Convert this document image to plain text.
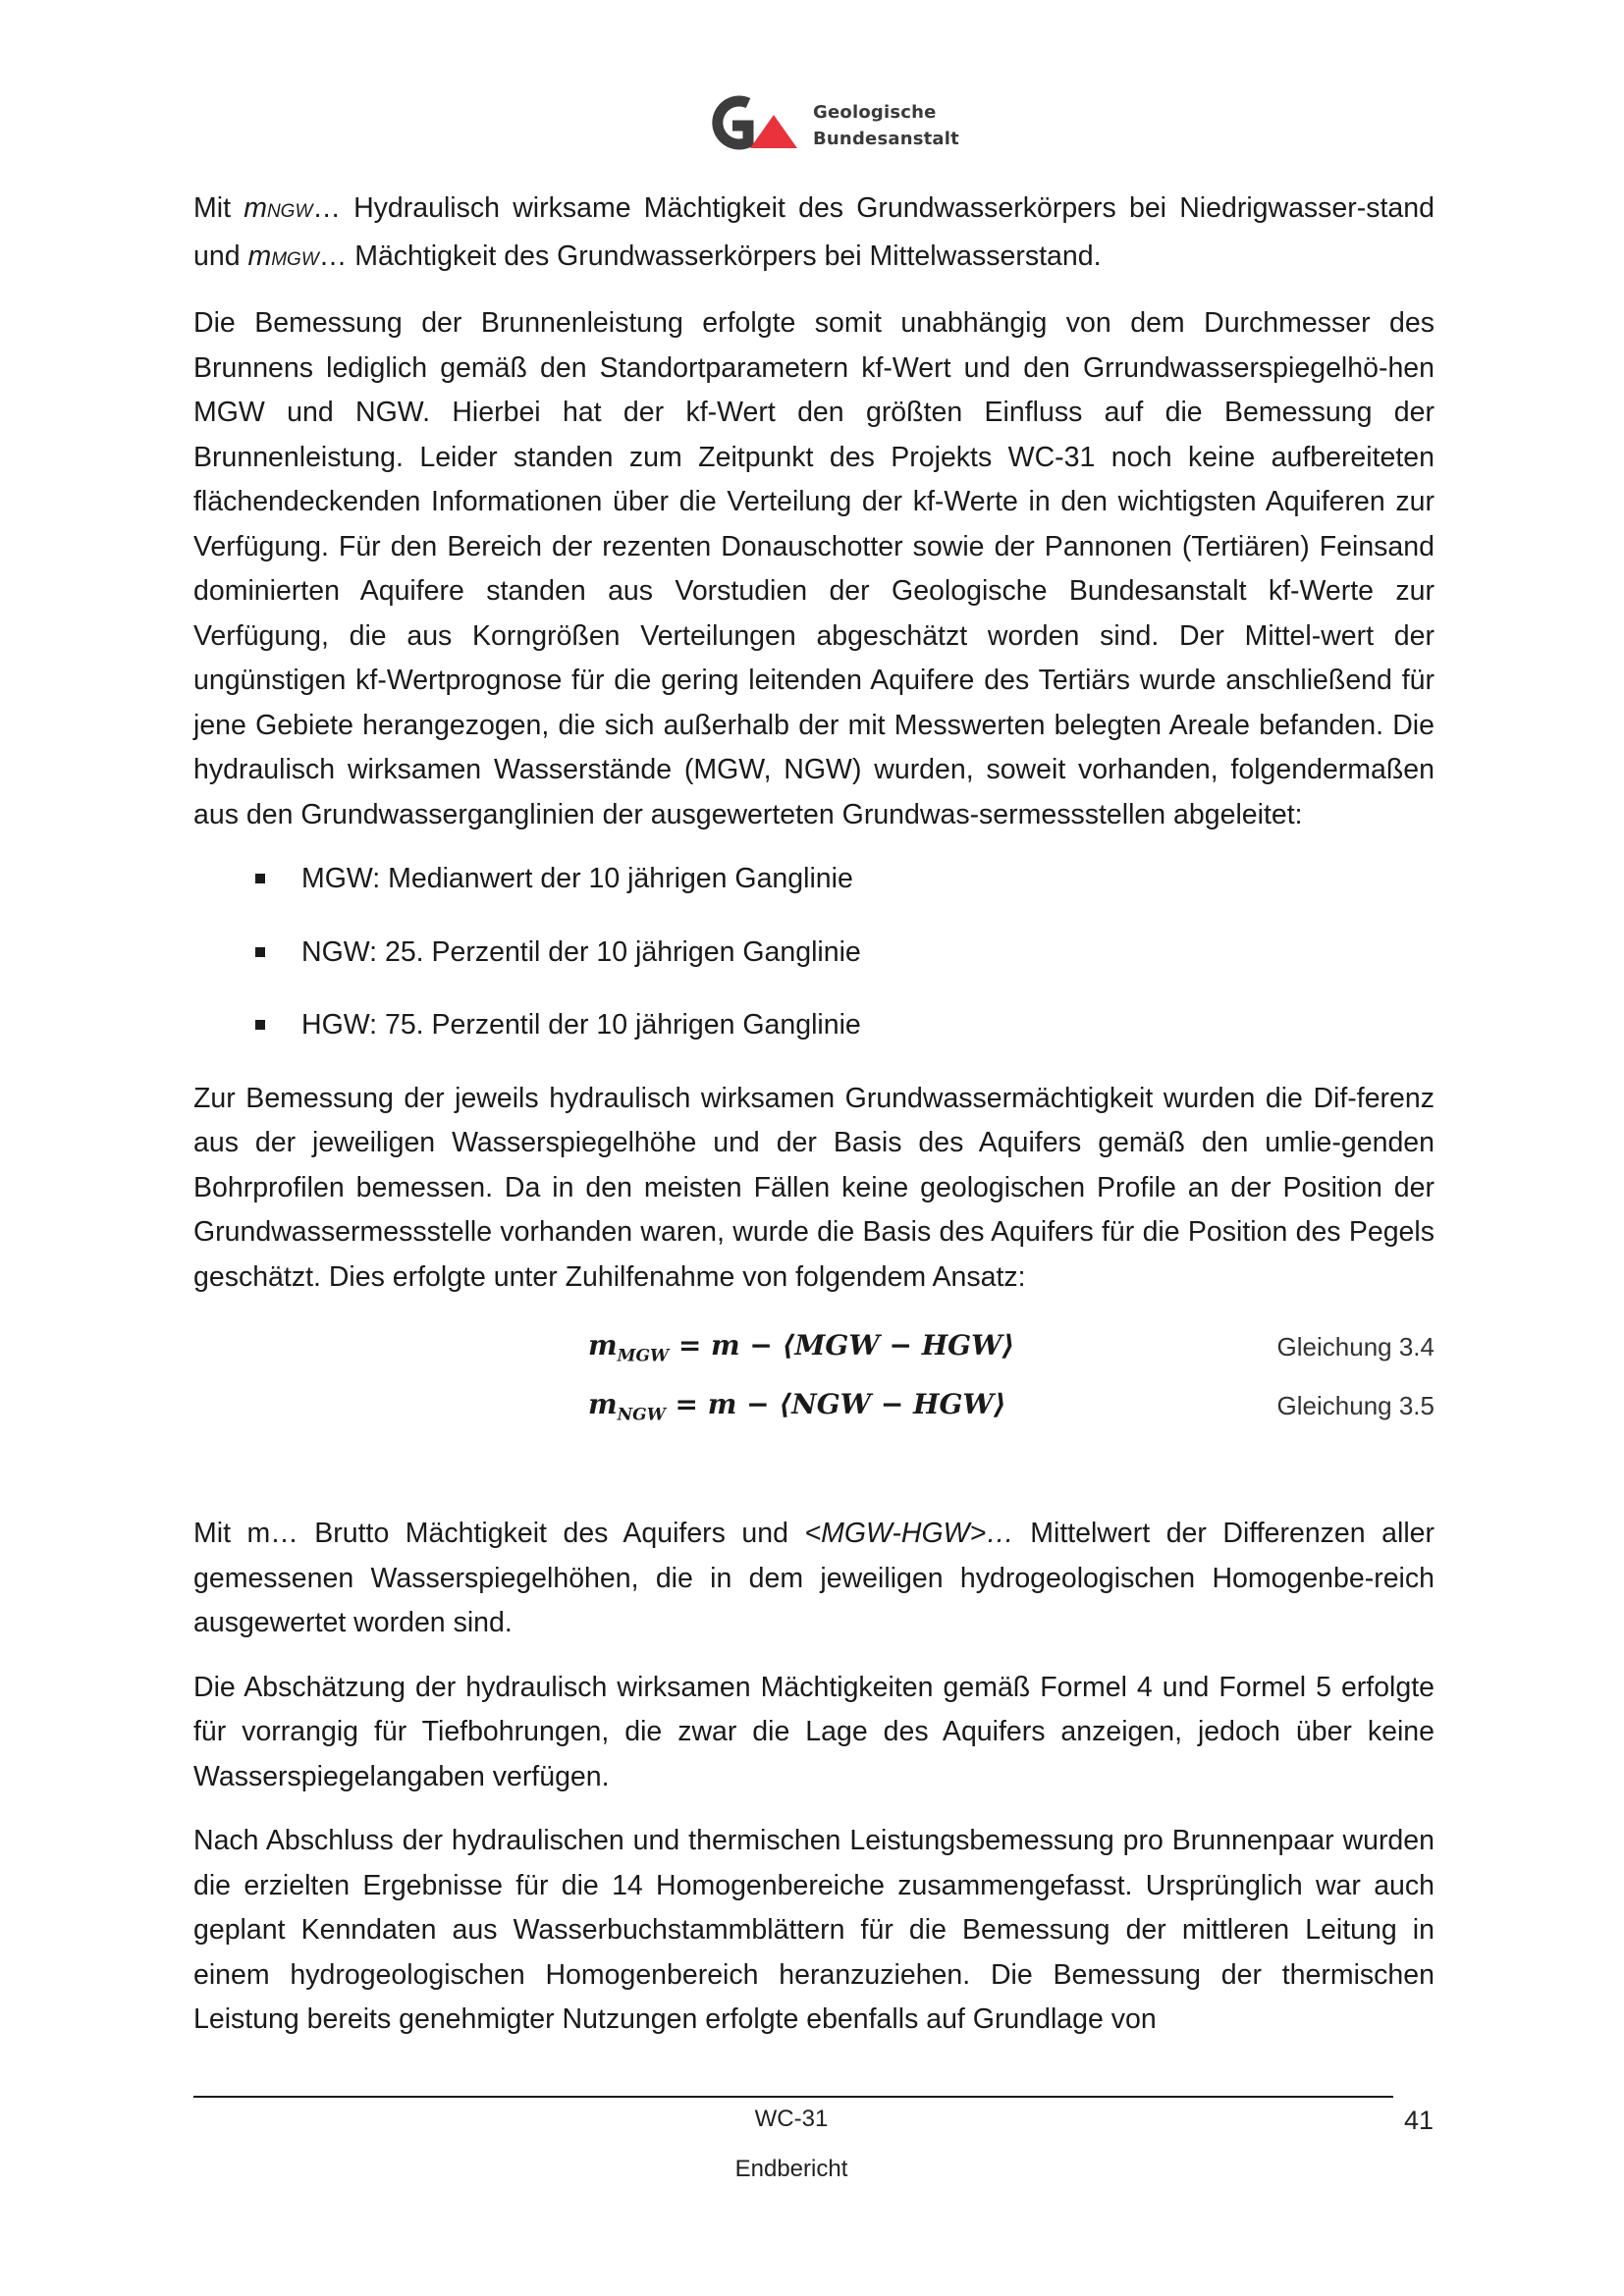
Geologische
Bundesanstalt

Mit mNGW… Hydraulisch wirksame Mächtigkeit des Grundwasserkörpers bei Niedrigwasser-stand und mMGW… Mächtigkeit des Grundwasserkörpers bei Mittelwasserstand.

Die Bemessung der Brunnenleistung erfolgte somit unabhängig von dem Durchmesser des Brunnens lediglich gemäß den Standortparametern kf-Wert und den Grrundwasserspiegelhö-hen MGW und NGW. Hierbei hat der kf-Wert den größten Einfluss auf die Bemessung der Brunnenleistung. Leider standen zum Zeitpunkt des Projekts WC-31 noch keine aufbereiteten flächendeckenden Informationen über die Verteilung der kf-Werte in den wichtigsten Aquiferen zur Verfügung. Für den Bereich der rezenten Donauschotter sowie der Pannonen (Tertiären) Feinsand dominierten Aquifere standen aus Vorstudien der Geologische Bundesanstalt kf-Werte zur Verfügung, die aus Korngrößen Verteilungen abgeschätzt worden sind. Der Mittel-wert der ungünstigen kf-Wertprognose für die gering leitenden Aquifere des Tertiärs wurde anschließend für jene Gebiete herangezogen, die sich außerhalb der mit Messwerten belegten Areale befanden. Die hydraulisch wirksamen Wasserstände (MGW, NGW) wurden, soweit vorhanden, folgendermaßen aus den Grundwasserganglinien der ausgewerteten Grundwas-sermessstellen abgeleitet:

MGW: Medianwert der 10 jährigen Ganglinie
NGW: 25. Perzentil der 10 jährigen Ganglinie
HGW: 75. Perzentil der 10 jährigen Ganglinie

Zur Bemessung der jeweils hydraulisch wirksamen Grundwassermächtigkeit wurden die Dif-ferenz aus der jeweiligen Wasserspiegelhöhe und der Basis des Aquifers gemäß den umlie-genden Bohrprofilen bemessen. Da in den meisten Fällen keine geologischen Profile an der Position der Grundwassermessstelle vorhanden waren, wurde die Basis des Aquifers für die Position des Pegels geschätzt. Dies erfolgte unter Zuhilfenahme von folgendem Ansatz:

$m_{MGW} = m$ − ⟨MGW − HGW⟩	Gleichung 3.4
$m_{NGW} = m$ − ⟨NGW − HGW⟩	Gleichung 3.5

Mit m… Brutto Mächtigkeit des Aquifers und <MGW-HGW>… Mittelwert der Differenzen aller gemessenen Wasserspiegelhöhen, die in dem jeweiligen hydrogeologischen Homogenbe-reich ausgewertet worden sind.

Die Abschätzung der hydraulisch wirksamen Mächtigkeiten gemäß Formel 4 und Formel 5 erfolgte für vorrangig für Tiefbohrungen, die zwar die Lage des Aquifers anzeigen, jedoch über keine Wasserspiegelangaben verfügen.

Nach Abschluss der hydraulischen und thermischen Leistungsbemessung pro Brunnenpaar wurden die erzielten Ergebnisse für die 14 Homogenbereiche zusammengefasst. Ursprünglich war auch geplant Kenndaten aus Wasserbuchstammblättern für die Bemessung der mittleren Leitung in einem hydrogeologischen Homogenbereich heranzuziehen. Die Bemessung der thermischen Leistung bereits genehmigter Nutzungen erfolgte ebenfalls auf Grundlage von

WC-31
Endbericht
41
